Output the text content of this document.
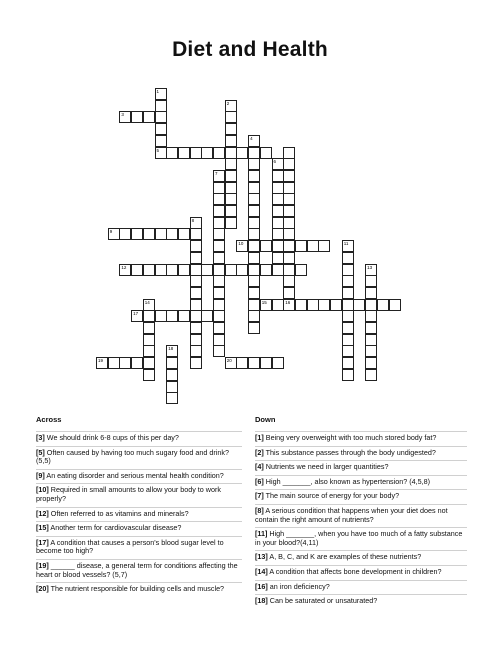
Diet and Health
3
5
9
10
12
15	16
17
19	20
1
2
4
6
7
8
11
13
14
18
Across

[3] We should drink 6-8 cups of this per day?

[5] Often caused by having too much sugary food and drink? (5,5)

[9] An eating disorder and serious mental health condition?

[10] Required in small amounts to allow your body to work properly?

[12] Often referred to as vitamins and minerals?

[15] Another term for cardiovascular disease?

[17] A condition that causes a person's blood sugar level to become too high?

[19] ______ disease, a general term for conditions affecting the heart or blood vessels? (5,7)

[20] The nutrient responsible for building cells and muscle?

Down

[1] Being very overweight with too much stored body fat?

[2] This substance passes through the body undigested?

[4] Nutrients we need in larger quantities?

[6] High _______, also known as hypertension? (4,5,8)

[7] The main source of energy for your body?

[8] A serious condition that happens when your diet does not contain the right amount of nutrients?

[11] High _______, when you have too much of a fatty substance in your blood?(4,11)

[13] A, B, C, and K are examples of these nutrients?

[14] A condition that affects bone development in children?

[16] an iron deficiency?

[18] Can be saturated or unsaturated?
